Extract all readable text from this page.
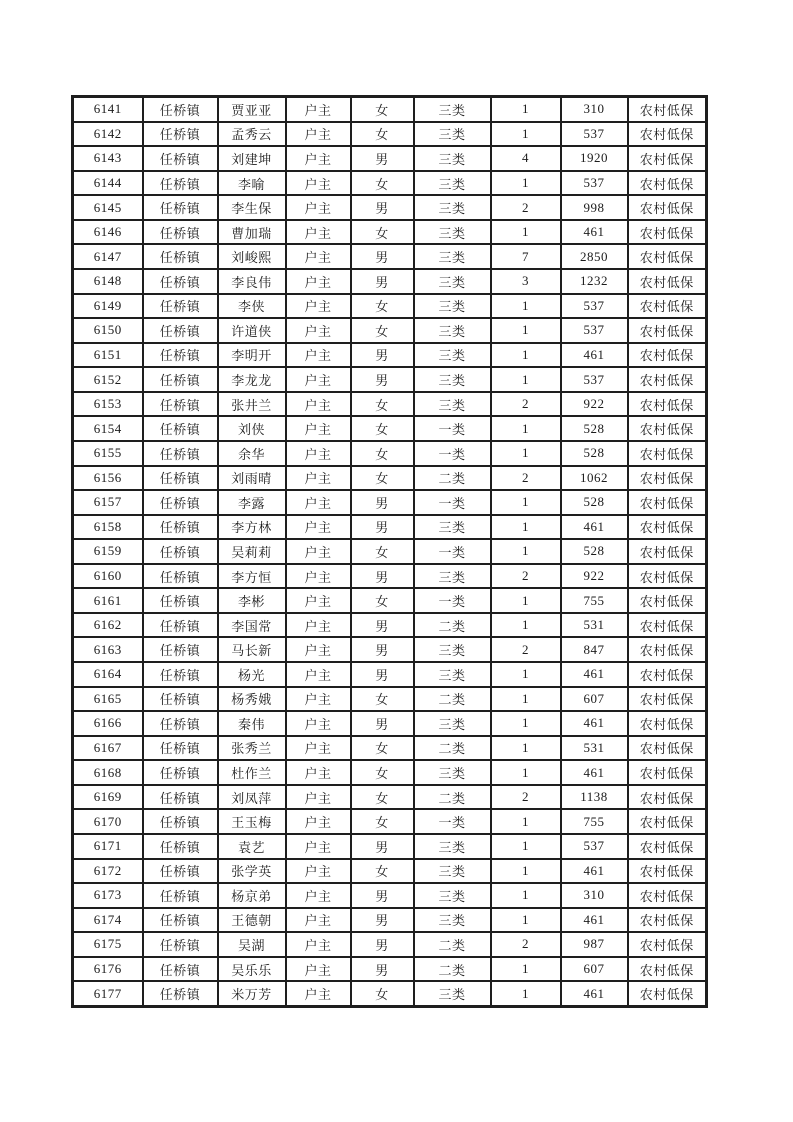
6141	任桥镇	贾亚亚	户主	女	三类	1	310	农村低保
6142	任桥镇	孟秀云	户主	女	三类	1	537	农村低保
6143	任桥镇	刘建坤	户主	男	三类	4	1920	农村低保
6144	任桥镇	李喻	户主	女	三类	1	537	农村低保
6145	任桥镇	李生保	户主	男	三类	2	998	农村低保
6146	任桥镇	曹加瑞	户主	女	三类	1	461	农村低保
6147	任桥镇	刘峻熙	户主	男	三类	7	2850	农村低保
6148	任桥镇	李良伟	户主	男	三类	3	1232	农村低保
6149	任桥镇	李侠	户主	女	三类	1	537	农村低保
6150	任桥镇	许道侠	户主	女	三类	1	537	农村低保
6151	任桥镇	李明开	户主	男	三类	1	461	农村低保
6152	任桥镇	李龙龙	户主	男	三类	1	537	农村低保
6153	任桥镇	张井兰	户主	女	三类	2	922	农村低保
6154	任桥镇	刘侠	户主	女	一类	1	528	农村低保
6155	任桥镇	余华	户主	女	一类	1	528	农村低保
6156	任桥镇	刘雨晴	户主	女	二类	2	1062	农村低保
6157	任桥镇	李露	户主	男	一类	1	528	农村低保
6158	任桥镇	李方林	户主	男	三类	1	461	农村低保
6159	任桥镇	吴莉莉	户主	女	一类	1	528	农村低保
6160	任桥镇	李方恒	户主	男	三类	2	922	农村低保
6161	任桥镇	李彬	户主	女	一类	1	755	农村低保
6162	任桥镇	李国常	户主	男	二类	1	531	农村低保
6163	任桥镇	马长新	户主	男	三类	2	847	农村低保
6164	任桥镇	杨光	户主	男	三类	1	461	农村低保
6165	任桥镇	杨秀娥	户主	女	二类	1	607	农村低保
6166	任桥镇	秦伟	户主	男	三类	1	461	农村低保
6167	任桥镇	张秀兰	户主	女	二类	1	531	农村低保
6168	任桥镇	杜作兰	户主	女	三类	1	461	农村低保
6169	任桥镇	刘凤萍	户主	女	二类	2	1138	农村低保
6170	任桥镇	王玉梅	户主	女	一类	1	755	农村低保
6171	任桥镇	袁艺	户主	男	三类	1	537	农村低保
6172	任桥镇	张学英	户主	女	三类	1	461	农村低保
6173	任桥镇	杨京弟	户主	男	三类	1	310	农村低保
6174	任桥镇	王德朝	户主	男	三类	1	461	农村低保
6175	任桥镇	吴湖	户主	男	二类	2	987	农村低保
6176	任桥镇	吴乐乐	户主	男	二类	1	607	农村低保
6177	任桥镇	米万芳	户主	女	三类	1	461	农村低保
